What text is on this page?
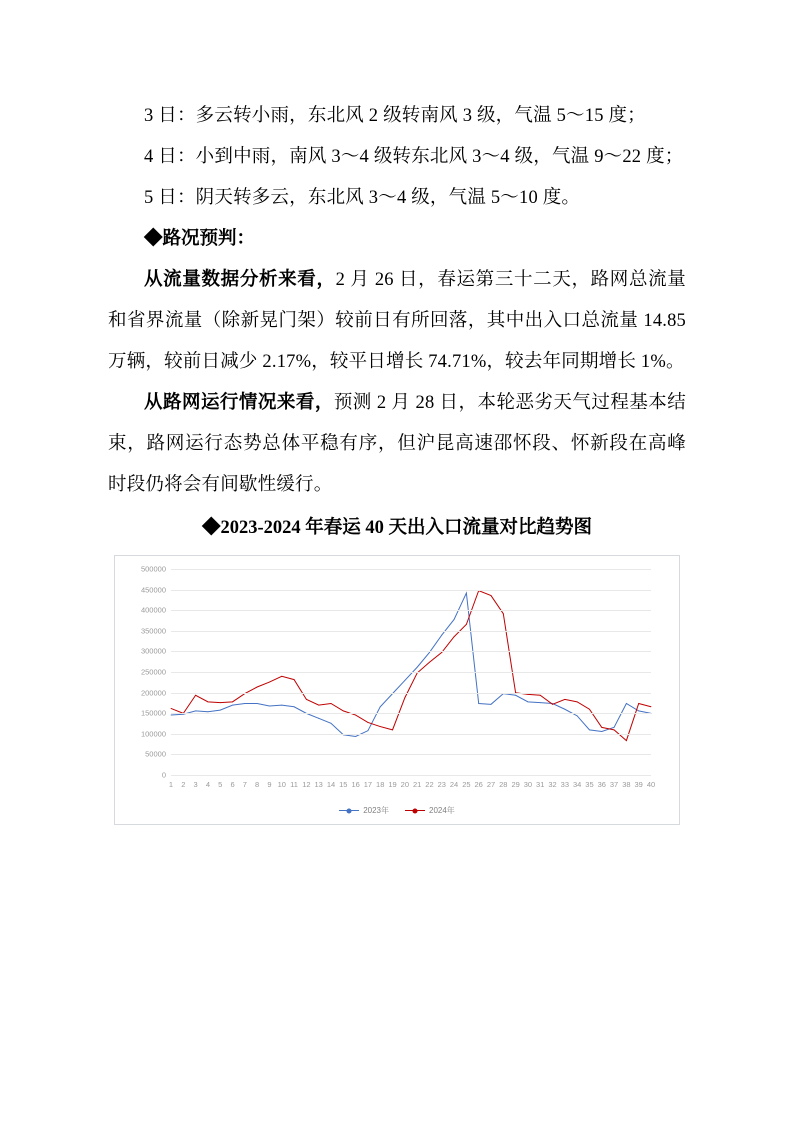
3 日：多云转小雨，东北风 2 级转南风 3 级，气温 5～15 度；

4 日：小到中雨，南风 3～4 级转东北风 3～4 级，气温 9～22 度；

5 日：阴天转多云，东北风 3～4 级，气温 5～10 度。

◆路况预判：

从流量数据分析来看，2 月 26 日，春运第三十二天，路网总流量和省界流量（除新晃门架）较前日有所回落，其中出入口总流量 14.85 万辆，较前日减少 2.17%，较平日增长 74.71%，较去年同期增长 1%。

从路网运行情况来看，预测 2 月 28 日，本轮恶劣天气过程基本结束，路网运行态势总体平稳有序，但沪昆高速邵怀段、怀新段在高峰时段仍将会有间歇性缓行。

◆2023-2024 年春运 40 天出入口流量对比趋势图
0
50000
100000
150000
200000
250000
300000
350000
400000
450000
500000
1 2 3 4 5 6 7 8 9 10 11 12 13 14 15 16 17 18 19 20 21 22 23 24 25 26 27 28 29 30 31 32 33 34 35 36 37 38 39 40
2023年	2024年
